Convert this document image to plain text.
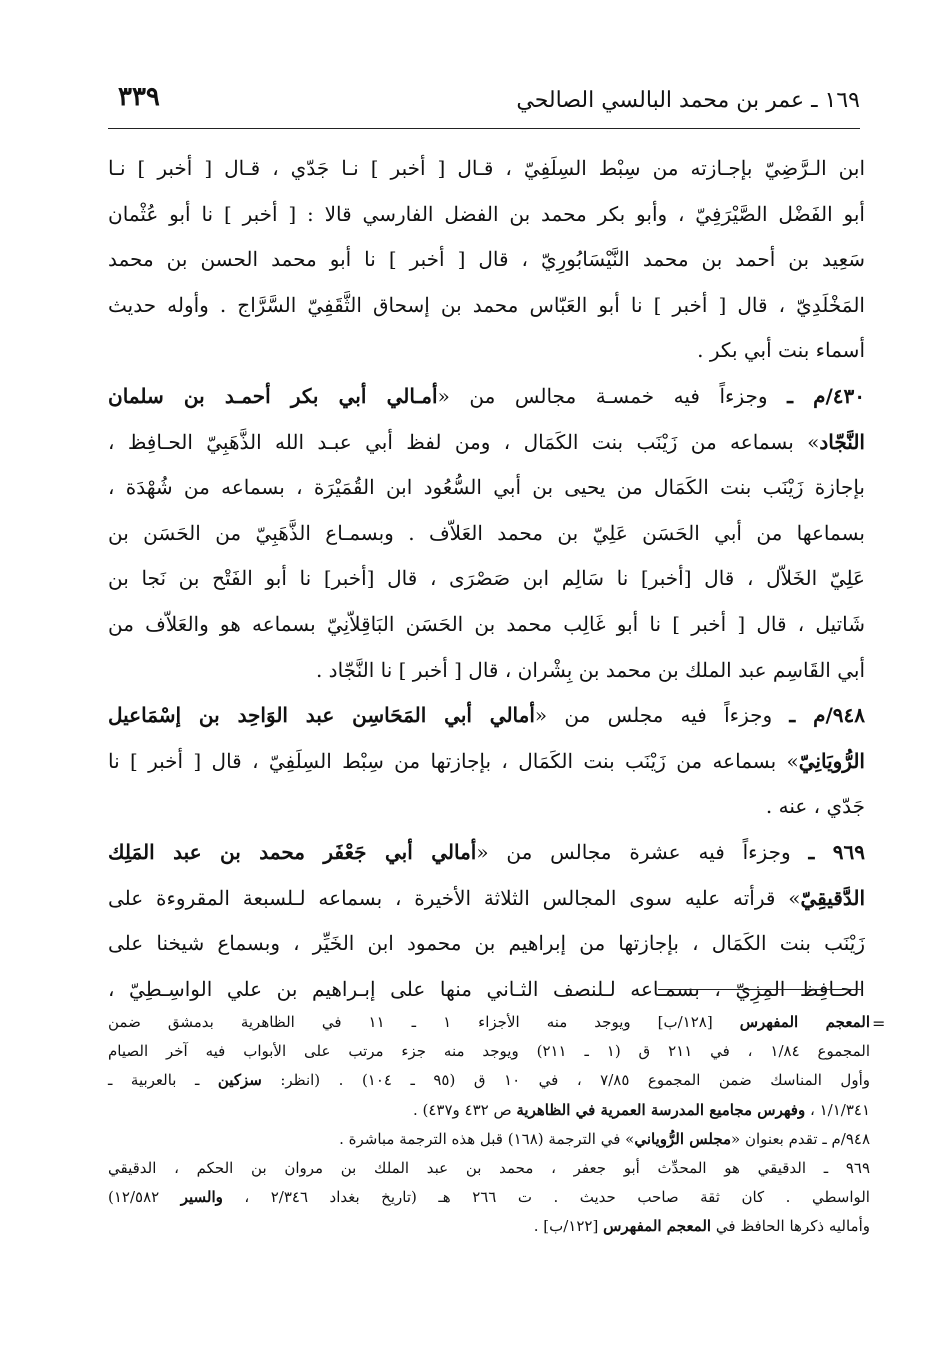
١٦٩ ـ عمر بن محمد البالسي الصالحي
٣٣٩
ابن الـرَّضِيّ بإجـازته من سِبْط السِلَفِيّ ، قـال [ أخبر ] نـا جَدّي ، قـال [ أخبر ] نـا
أبو الفَضْل الصَّيْرَفِيّ ، وأبو بكر محمد بن الفضل الفارسي قالا : [ أخبر ] نا أبو عُثْمان
سَعِيد بن أحمد بن محمد النَّيْسَابُورِيّ ، قال [ أخبر ] نا أبو محمد الحسن بن محمد
المَخْلَدِيّ ، قال [ أخبر ] نا أبو العَبّاس محمد بن إسحاق الثَّقَفِيّ السَّرَّاج . وأوله حديث
أسماء بنت أبي بكر .
٤٣٠/م ـ وجزءاً فيه خمسـة مجالس من «أمـالي أبي بكر أحمـد بن سلمان
النَّجّاد» بسماعه من زَيْنَب بنت الكَمَال ، ومن لفظ أبي عبـد الله الذَّهَبِيّ الحـافِظ ،
بإجازة زَيْنَب بنت الكَمَال من يحيى بن أبي السُّعُود ابن القُمَيْرَة ، بسماعه من شُهْدَة ،
بسماعها من أبي الحَسَن عَلِيّ بن محمد العَلاّف . وبسمـاع الذَّهَبِيّ من الحَسَن بن
عَلِيّ الخَلاّل ، قال [أخبر] نا سَالِم ابن صَصْرَى ، قال [أخبر] نا أبو الفَتْح بن نَجا بن
شَاتيل ، قال [ أخبر ] نا أبو غَالِب محمد بن الحَسَن البَاقِلاّنِيّ بسماعه هو والعَلاّف من
أبي القَاسِم عبد الملك بن محمد بن بِشْران ، قال [ أخبر ] نا النَّجّاد .
٩٤٨/م ـ وجزءاً فيه مجلس من «أمالي أبي المَحَاسِن عبد الوَاحِد بن إسْمَاعيل
الرُّويَانِيّ» بسماعه من زَيْنَب بنت الكَمَال ، بإجازتها من سِبْط السِلَفِيّ ، قال [ أخبر ] نا
جَدّي ، عنه .
٩٦٩ ـ وجزءاً فيه عشرة مجالس من «أمالي أبي جَعْفَر محمد بن عبد المَلِك
الدَّقيقِيّ» قرأته عليه سوى المجالس الثلاثة الأخيرة ، بسماعه لـلسبعة المقروءة على
زَيْنَب بنت الكَمَال ، بإجازتها من إبراهيم بن محمود ابن الخَيِّر ، وبسماع شيخنا على
الحـافِظ المِزِيّ ، بسمـاعه لـلنصف الثـاني منها على إبـراهيم بن علي الواسِـطِيّ ،
=
المعجم المفهرس [١٢٨/ب] ويوجد منه الأجزاء ١ ـ ١١ في الظاهرية بدمشق ضمن
المجموع ١/٨٤ ، في ٢١١ ق (١ ـ ٢١١) ويوجد منه جزء مرتب على الأبواب فيه آخر الصيام
وأول المناسك ضمن المجموع ٧/٨٥ ، في ١٠ ق (٩٥ ـ ١٠٤) . (انظر: سزكين ـ بالعربية ـ
١/١/٣٤١ ، وفهرس مجاميع المدرسة العمرية في الظاهرية ص ٤٣٢ و٤٣٧) .
٩٤٨/م ـ تقدم بعنوان «مجلس الرُّوياني» في الترجمة (١٦٨) قبل هذه الترجمة مباشرة .
٩٦٩ ـ الدقيقي هو المحدِّث أبو جعفر ، محمد بن عبد الملك بن مروان بن الحكم ، الدقيقي
الواسطي . كان ثقة صاحب حديث . ت ٢٦٦ هـ (تاريخ بغداد ٢/٣٤٦ ، والسير ١٢/٥٨٢)
وأماليه ذكرها الحافظ في المعجم المفهرس [١٢٢/ب] .
